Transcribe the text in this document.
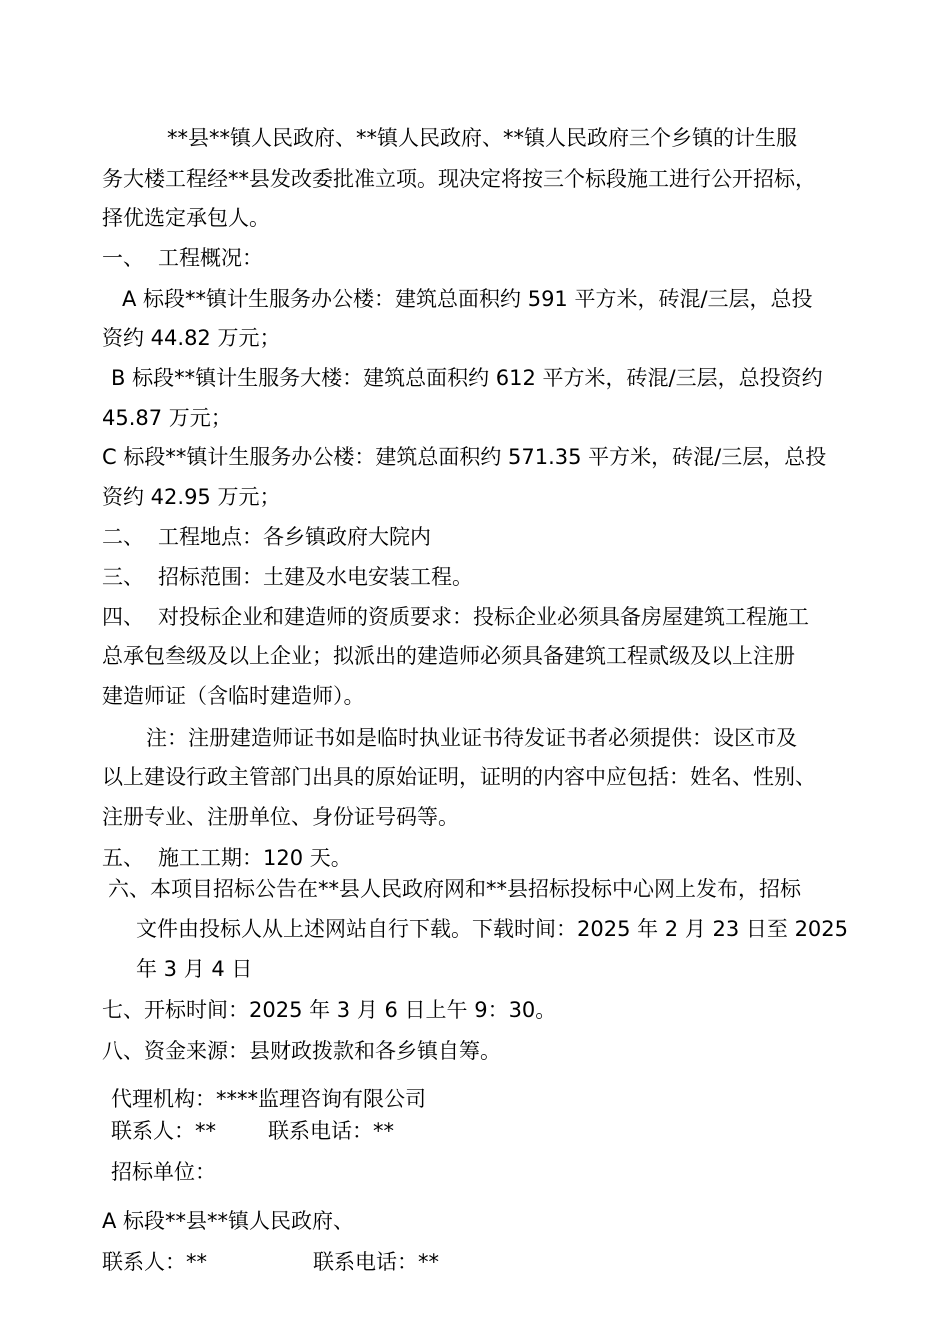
**县**镇人民政府、**镇人民政府、**镇人民政府三个乡镇的计生服

务大楼工程经**县发改委批准立项。现决定将按三个标段施工进行公开招标，

择优选定承包人。

一、 工程概况：

A 标段**镇计生服务办公楼：建筑总面积约 591 平方米，砖混/三层，总投

资约 44.82 万元；

B 标段**镇计生服务大楼：建筑总面积约 612 平方米，砖混/三层，总投资约

45.87 万元；

C 标段**镇计生服务办公楼：建筑总面积约 571.35 平方米，砖混/三层，总投

资约 42.95 万元；

二、 工程地点：各乡镇政府大院内

三、 招标范围：土建及水电安装工程。

四、 对投标企业和建造师的资质要求：投标企业必须具备房屋建筑工程施工

总承包叁级及以上企业；拟派出的建造师必须具备建筑工程贰级及以上注册

建造师证（含临时建造师）。

注：注册建造师证书如是临时执业证书待发证书者必须提供：设区市及

以上建设行政主管部门出具的原始证明，证明的内容中应包括：姓名、性别、

注册专业、注册单位、身份证号码等。

五、 施工工期：120 天。

六、本项目招标公告在**县人民政府网和**县招标投标中心网上发布，招标

文件由投标人从上述网站自行下载。下载时间：2025 年 2 月 23 日至 2025

年 3 月 4 日

七、开标时间：2025 年 3 月 6 日上午 9：30。

八、资金来源：县财政拨款和各乡镇自筹。

代理机构：****监理咨询有限公司

联系人：** 联系电话：**

招标单位：

A 标段**县**镇人民政府、

联系人：**	联系电话：**
